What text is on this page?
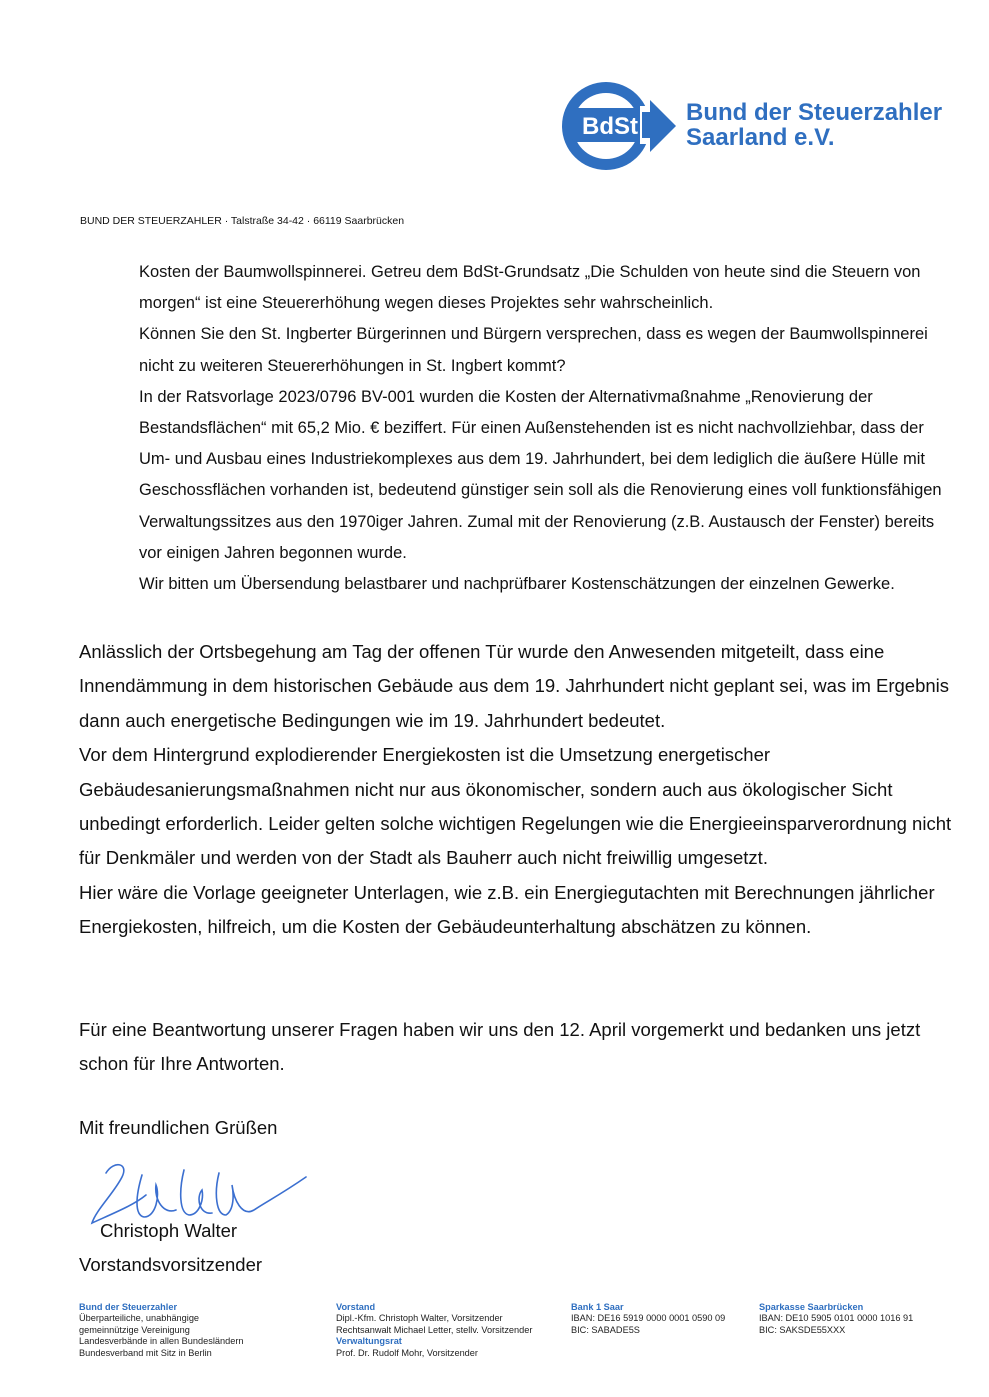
BdSt
Bund der Steuerzahler
Saarland e.V.
BUND DER STEUERZAHLER · Talstraße 34-42 · 66119 Saarbrücken

Kosten der Baumwollspinnerei. Getreu dem BdSt-Grundsatz „Die Schulden von heute sind die Steuern von morgen“ ist eine Steuererhöhung wegen dieses Projektes sehr wahrscheinlich.

Können Sie den St. Ingberter Bürgerinnen und Bürgern versprechen, dass es wegen der Baumwollspinnerei nicht zu weiteren Steuererhöhungen in St. Ingbert kommt?

In der Ratsvorlage 2023/0796 BV-001 wurden die Kosten der Alternativmaßnahme „Renovierung der Bestandsflächen“ mit 65,2 Mio. € beziffert. Für einen Außenstehenden ist es nicht nachvollziehbar, dass der Um- und Ausbau eines Industriekomplexes aus dem 19. Jahrhundert, bei dem lediglich die äußere Hülle mit Geschossflächen vorhanden ist, bedeutend günstiger sein soll als die Renovierung eines voll funktionsfähigen Verwaltungssitzes aus den 1970iger Jahren. Zumal mit der Renovierung (z.B. Austausch der Fenster) bereits vor einigen Jahren begonnen wurde.

Wir bitten um Übersendung belastbarer und nachprüfbarer Kostenschätzungen der einzelnen Gewerke.

Anlässlich der Ortsbegehung am Tag der offenen Tür wurde den Anwesenden mitgeteilt, dass eine Innendämmung in dem historischen Gebäude aus dem 19. Jahrhundert nicht geplant sei, was im Ergebnis dann auch energetische Bedingungen wie im 19. Jahrhundert bedeutet.

Vor dem Hintergrund explodierender Energiekosten ist die Umsetzung energetischer Gebäudesanierungsmaßnahmen nicht nur aus ökonomischer, sondern auch aus ökologischer Sicht unbedingt erforderlich. Leider gelten solche wichtigen Regelungen wie die Energieeinsparverordnung nicht für Denkmäler und werden von der Stadt als Bauherr auch nicht freiwillig umgesetzt.

Hier wäre die Vorlage geeigneter Unterlagen, wie z.B. ein Energiegutachten mit Berechnungen jährlicher Energiekosten, hilfreich, um die Kosten der Gebäudeunterhaltung abschätzen zu können.

Für eine Beantwortung unserer Fragen haben wir uns den 12. April vorgemerkt und bedanken uns jetzt schon für Ihre Antworten.

Mit freundlichen Grüßen
Christoph Walter
Vorstandsvorsitzender
Bund der Steuerzahler
Überparteiliche, unabhängige
gemeinnützige Vereinigung
Landesverbände in allen Bundesländern
Bundesverband mit Sitz in Berlin
Vorstand
Dipl.-Kfm. Christoph Walter, Vorsitzender
Rechtsanwalt Michael Letter, stellv. Vorsitzender
Verwaltungsrat
Prof. Dr. Rudolf Mohr, Vorsitzender
Bank 1 Saar
IBAN: DE16 5919 0000 0001 0590 09
BIC: SABADE5S
Sparkasse Saarbrücken
IBAN: DE10 5905 0101 0000 1016 91
BIC: SAKSDE55XXX
